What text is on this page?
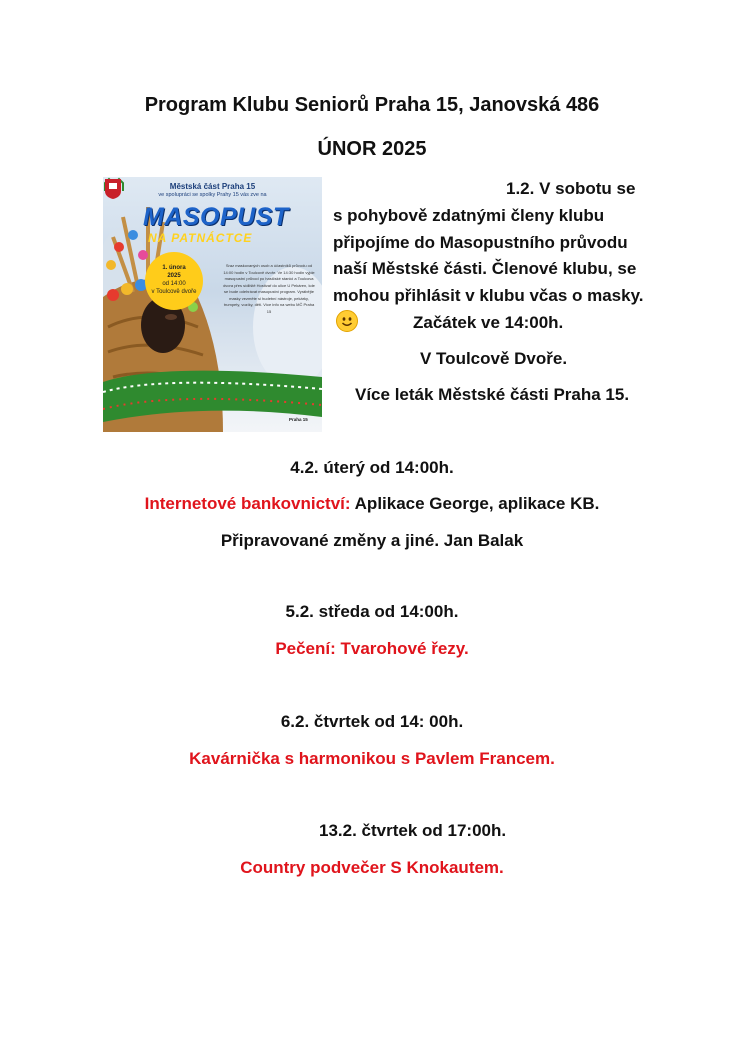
Program Klubu Seniorů Praha 15, Janovská 486
ÚNOR 2025
Městská část Praha 15
ve spolupráci se spolky Prahy 15 vás zve na
MASOPUST
NA PATNÁCTCE
1. února
2025
od 14:00
v Toulcově dvoře
Sraz maskovaných osob a účastníků průvodu od 14:00 hodin v Toulcově dvoře. Ve 14:30 hodin vyjde masopustní průvod po hasičské stanici a Toulcova dvora přes sídliště Hostivař do ulice U Pekáren, kde se bude odehrávat masopustní program. Vyrábějte masky vezměte si hudební nástroje, pekárky, trumpety, vozíky, děti. Více info na webu MČ Praha 15
Praha 15
1.2. V sobotu se
s pohybově zdatnými členy klubu
připojíme do Masopustního průvodu
naší Městské části. Členové klubu, se
mohou přihlásit v klubu včas o masky.
Začátek ve 14:00h.
V Toulcově Dvoře.
Více leták Městské části Praha 15.
4.2. úterý od 14:00h.
Internetové bankovnictví: Aplikace George, aplikace KB.
Připravované změny a jiné. Jan Balak
5.2. středa od 14:00h.
Pečení: Tvarohové řezy.
6.2. čtvrtek od 14: 00h.
Kavárnička s harmonikou s Pavlem Francem.
13.2. čtvrtek od 17:00h.
Country podvečer S Knokautem.
